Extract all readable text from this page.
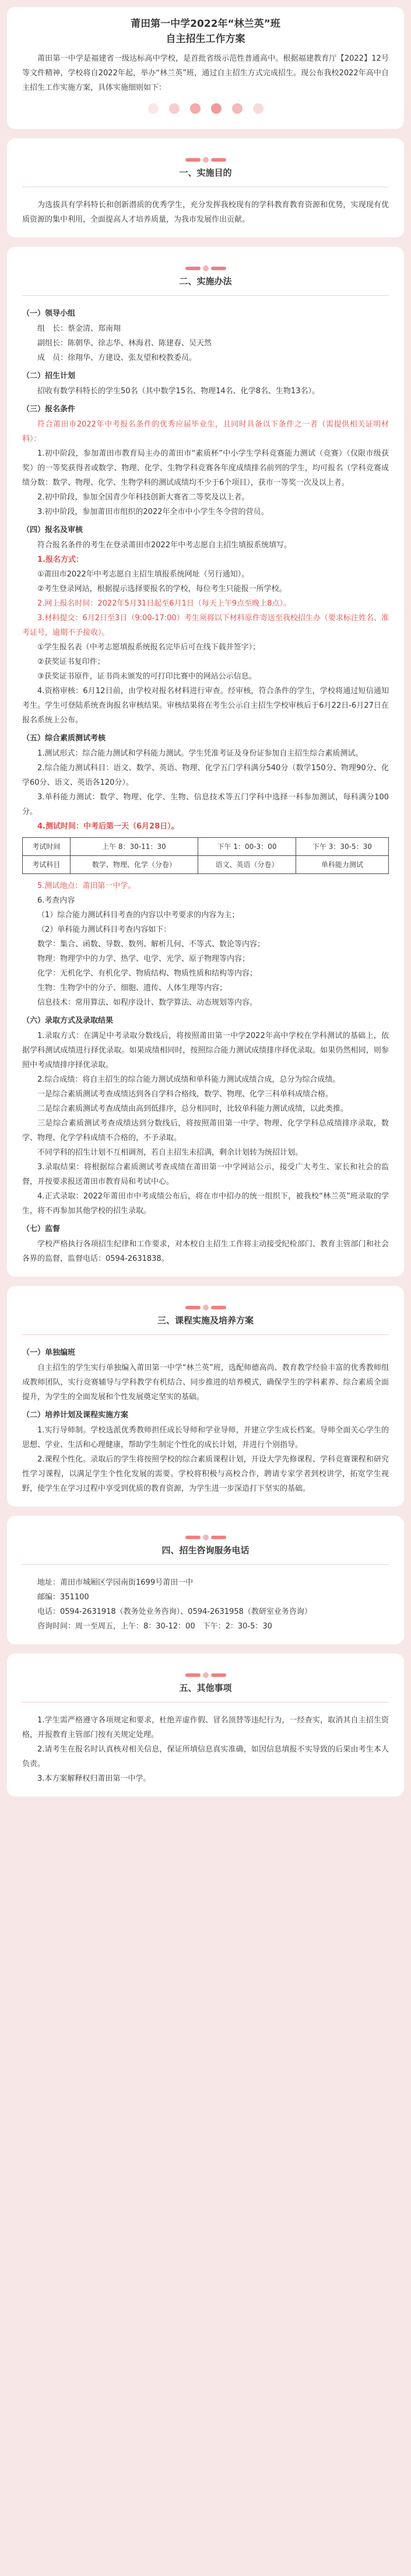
莆田第一中学2022年“林兰英”班

自主招生工作方案

莆田第一中学是福建省一级达标高中学校，是首批省级示范性普通高中。根据福建教育厅【2022】12号等文件精神，学校将自2022年起，举办“林兰英”班，通过自主招生方式完成招生。现公布我校2022年高中自主招生工作实施方案，具体实施细则如下：

一、实施目的

为选拔具有学科特长和创新潜质的优秀学生，充分发挥我校现有的学科教育教育资源和优势，实现现有优质资源的集中利用，全面提高人才培养质量，为我市发展作出贡献。

二、实施办法

（一）领导小组

组　长：蔡金清、郑南翔

副组长：陈朝华、徐志华、林海君、陈建春、吴天然

成　员：徐翔华、方建设、张友望和校教委员。

（二）招生计划

招收有数学科特长的学生50名（其中数学15名、物理14名、化学8名、生物13名）。

（三）报名条件

符合莆田市2022年中考报名条件的优秀应届毕业生，且同时具备以下条件之一者（需提供相关证明材料）：

1.初中阶段，参加莆田市教育局主办的莆田市“素质杯”中小学生学科竞赛能力测试（竞赛）（仅限市级获奖）的一等奖获得者或数学、物理、化学、生物学科竞赛各年度成绩排名前列的学生，均可报名（学科竞赛成绩分数：数学、物理、化学、生物学科的测试成绩均不少于6个项目），获市一等奖一次及以上者。

2.初中阶段，参加全国青少年科技创新大赛省二等奖及以上者。

3.初中阶段，参加莆田市组织的2022年全市中小学生冬令营的营员。

（四）报名及审核

符合报名条件的考生在登录莆田市2022年中考志愿自主招生填报系统填写。

1.报名方式：

①莆田市2022年中考志愿自主招生填报系统网址（另行通知）。

②考生登录网站，根据提示选择要报名的学校，每位考生只能报一所学校。

2.网上报名时间：2022年5月31日起至6月1日（每天上午9点至晚上8点）。

3.材料提交：6月2日至3日（9:00-17:00）考生须将以下材料原件寄送至我校招生办（要求标注姓名、准考证号，逾期不予接收）。

①学生报名表（中考志愿填报系统报名完毕后可在线下载并签字）；

②获奖证书复印件；

③获奖证书原件，证书尚未颁发的可打印比赛中的网站公示信息。

4.资格审核：6月12日前，由学校对报名材料进行审查。经审核，符合条件的学生，学校将通过短信通知考生。学生可登陆系统查询报名审核结果。审核结果将在考生公示自主招生学校审核后于6月22日-6月27日在报名系统上公布。

（五）综合素质测试考核

1.测试形式：综合能力测试和学科能力测试。学生凭准考证及身份证参加自主招生综合素质测试。

2.综合能力测试科目：语文、数学、英语、物理、化学五门学科满分540分（数学150分、物理90分、化学60分、语文、英语各120分）。

3.单科能力测试：数学、物理、化学、生物、信息技术等五门学科中选择一科参加测试，每科满分100分。

4.测试时间：中考后第一天（6月28日）。

考试时间	上午 8：30-11：30	下午 1：00-3：00	下午 3：30-5：30
考试科目	数学、物理、化学（分卷）	语文、英语（分卷）	单科能力测试

5.测试地点：莆田第一中学。

6.考查内容

（1）综合能力测试科目考查的内容以中考要求的内容为主；

（2）单科能力测试科目考查内容如下：

数学：集合、函数、导数、数列、解析几何、不等式、数论等内容；

物理：物理学中的力学、热学、电学、光学、原子物理等内容；

化学：无机化学、有机化学、物质结构、物质性质和结构等内容；

生物：生物学中的分子、细胞、遗传、人体生理等内容；

信息技术：常用算法、如程序设计、数学算法、动态规划等内容。

（六）录取方式及录取结果

1.录取方式：在满足中考录取分数线后，将按照莆田第一中学2022年高中学校在学科测试的基础上，依据学科测试成绩进行择优录取。如果成绩相同时，按照综合能力测试成绩排序择优录取。如果仍然相同，则参照中考成绩排序择优录取。

2.综合成绩：将自主招生的综合能力测试成绩和单科能力测试成绩合成，总分为综合成绩。

一是综合素质测试考查成绩达到各自学科合格线，数学、物理、化学三科单科成绩合格。

二是综合素质测试考查成绩由高到低排序，总分相同时，比较单科能力测试成绩，以此类推。

三是综合素质测试考查成绩达到分数线后，将按照莆田第一中学、物理、化学学科总成绩排序录取，数学、物理、化学学科成绩不合格的，不予录取。

不同学科的招生计划不互相调剂，若自主招生未招满，剩余计划转为统招计划。

3.录取结果：将根据综合素质测试考查成绩在莆田第一中学网站公示，接受广大考生、家长和社会的监督，并按要求报送莆田市教育局和考试中心。

4.正式录取：2022年莆田市中考成绩公布后，将在市中招办的统一组织下，被我校“林兰英”班录取的学生，将不再参加其他学校的招生录取。

（七）监督

学校严格执行各项招生纪律和工作要求，对本校自主招生工作将主动接受纪检部门、教育主管部门和社会各界的监督，监督电话：0594-2631838。

三、课程实施及培养方案

（一）单独编班

自主招生的学生实行单独编入莆田第一中学“林兰英”班，选配师德高尚、教育教学经验丰富的优秀教师组成教师团队，实行竞赛辅导与学科教学有机结合、同步推进的培养模式，确保学生的学科素养、综合素质全面提升，为学生的全面发展和个性发展奠定坚实的基础。

（二）培养计划及课程实施方案

1.实行导师制。学校选派优秀教师担任成长导师和学业导师，并建立学生成长档案。导师全面关心学生的思想、学业、生活和心理健康，帮助学生制定个性化的成长计划，并进行个别指导。

2.课程个性化。录取后的学生将按照学校的综合素质课程计划，开设大学先修课程、学科竞赛课程和研究性学习课程，以满足学生个性化发展的需要。学校将积极与高校合作，聘请专家学者到校讲学，拓宽学生视野，使学生在学习过程中享受到优质的教育资源，为学生进一步深造打下坚实的基础。

四、招生咨询服务电话

地址：莆田市城厢区学园南街1699号莆田一中

邮编：351100

电话：0594-2631918（教务处业务咨询）、0594-2631958（教研室业务咨询）

咨询时间：周一至周五，上午：8：30-12：00　下午：2：30-5：30

五、其他事项

1.学生需严格遵守各项规定和要求，杜绝弄虚作假、冒名顶替等违纪行为，一经查实，取消其自主招生资格，并报教育主管部门按有关规定处理。

2.请考生在报名时认真核对相关信息，保证所填信息真实准确，如因信息填报不实导致的后果由考生本人负责。

3.本方案解释权归莆田第一中学。
